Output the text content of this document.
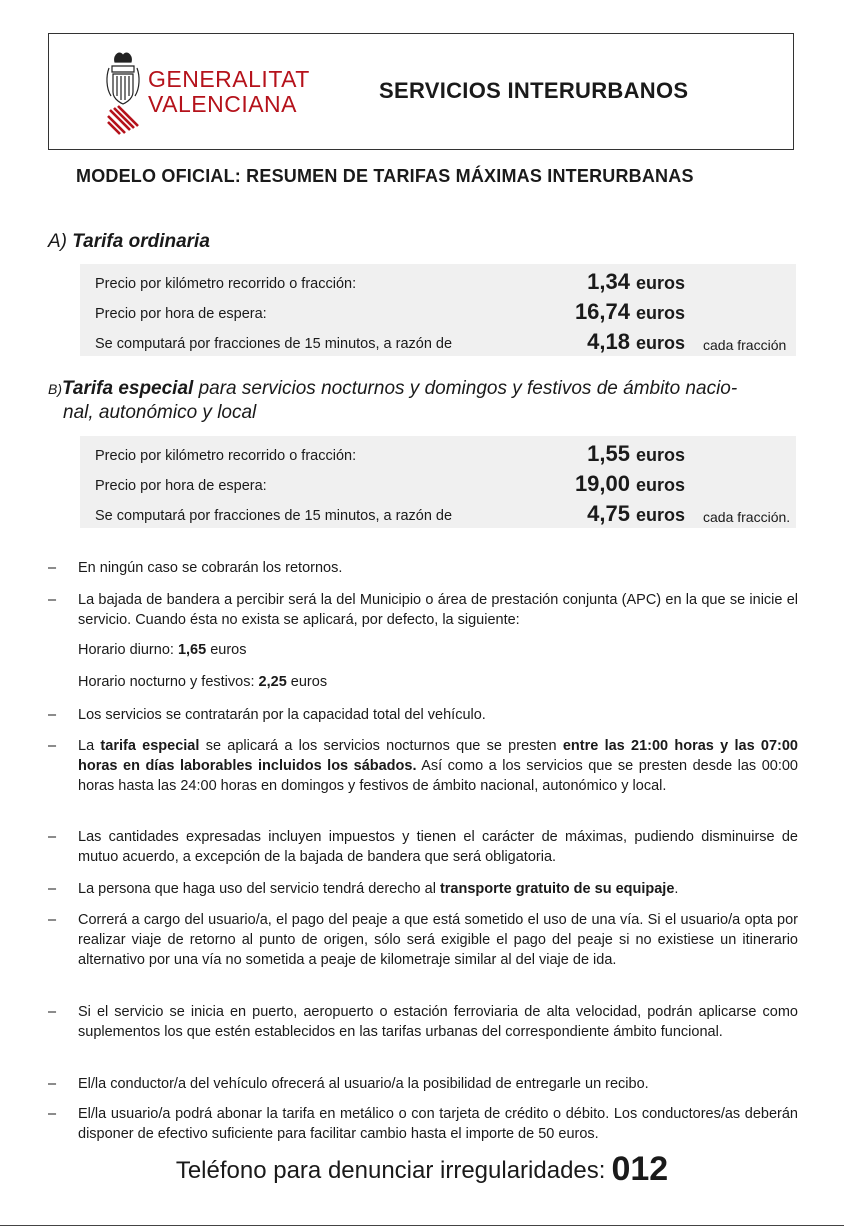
GENERALITAT
VALENCIANA
SERVICIOS INTERURBANOS
MODELO OFICIAL: RESUMEN DE TARIFAS MÁXIMAS INTERURBANAS
A) Tarifa ordinaria
Precio por kilómetro recorrido o fracción:	1,34 euros
Precio por hora de espera:	16,74 euros
Se computará por fracciones de 15 minutos, a razón de	4,18 euros cada fracción
B)Tarifa especial para servicios nocturnos y domingos y festivos de ámbito nacio-
nal, autonómico y local
Precio por kilómetro recorrido o fracción:	1,55 euros
Precio por hora de espera:	19,00 euros
Se computará por fracciones de 15 minutos, a razón de	4,75 euros cada fracción.
–	En ningún caso se cobrarán los retornos.
–	La bajada de bandera a percibir será la del Municipio o área de prestación conjunta (APC) en la que se inicie el servicio. Cuando ésta no exista se aplicará, por defecto, la siguiente:
Horario diurno: 1,65 euros
Horario nocturno y festivos: 2,25 euros
–	Los servicios se contratarán por la capacidad total del vehículo.
–	La tarifa especial se aplicará a los servicios nocturnos que se presten entre las 21:00 horas y las 07:00 horas en días laborables incluidos los sábados. Así como a los servicios que se presten desde las 00:00 horas hasta las 24:00 horas en domingos y festivos de ámbito nacional, autonómico y local.
–	Las cantidades expresadas incluyen impuestos y tienen el carácter de máximas, pudiendo disminuirse de mutuo acuerdo, a excepción de la bajada de bandera que será obligatoria.
–	La persona que haga uso del servicio tendrá derecho al transporte gratuito de su equipaje.
–	Correrá a cargo del usuario/a, el pago del peaje a que está sometido el uso de una vía. Si el usuario/a opta por realizar viaje de retorno al punto de origen, sólo será exigible el pago del peaje si no existiese un itinerario alternativo por una vía no sometida a peaje de kilometraje similar al del viaje de ida.
–	Si el servicio se inicia en puerto, aeropuerto o estación ferroviaria de alta velocidad, podrán aplicarse como suplementos los que estén establecidos en las tarifas urbanas del correspondiente ámbito funcional.
–	El/la conductor/a del vehículo ofrecerá al usuario/a la posibilidad de entregarle un recibo.
–	El/la usuario/a podrá abonar la tarifa en metálico o con tarjeta de crédito o débito. Los conductores/as deberán disponer de efectivo suficiente para facilitar cambio hasta el importe de 50 euros.
Teléfono para denunciar irregularidades: 012
